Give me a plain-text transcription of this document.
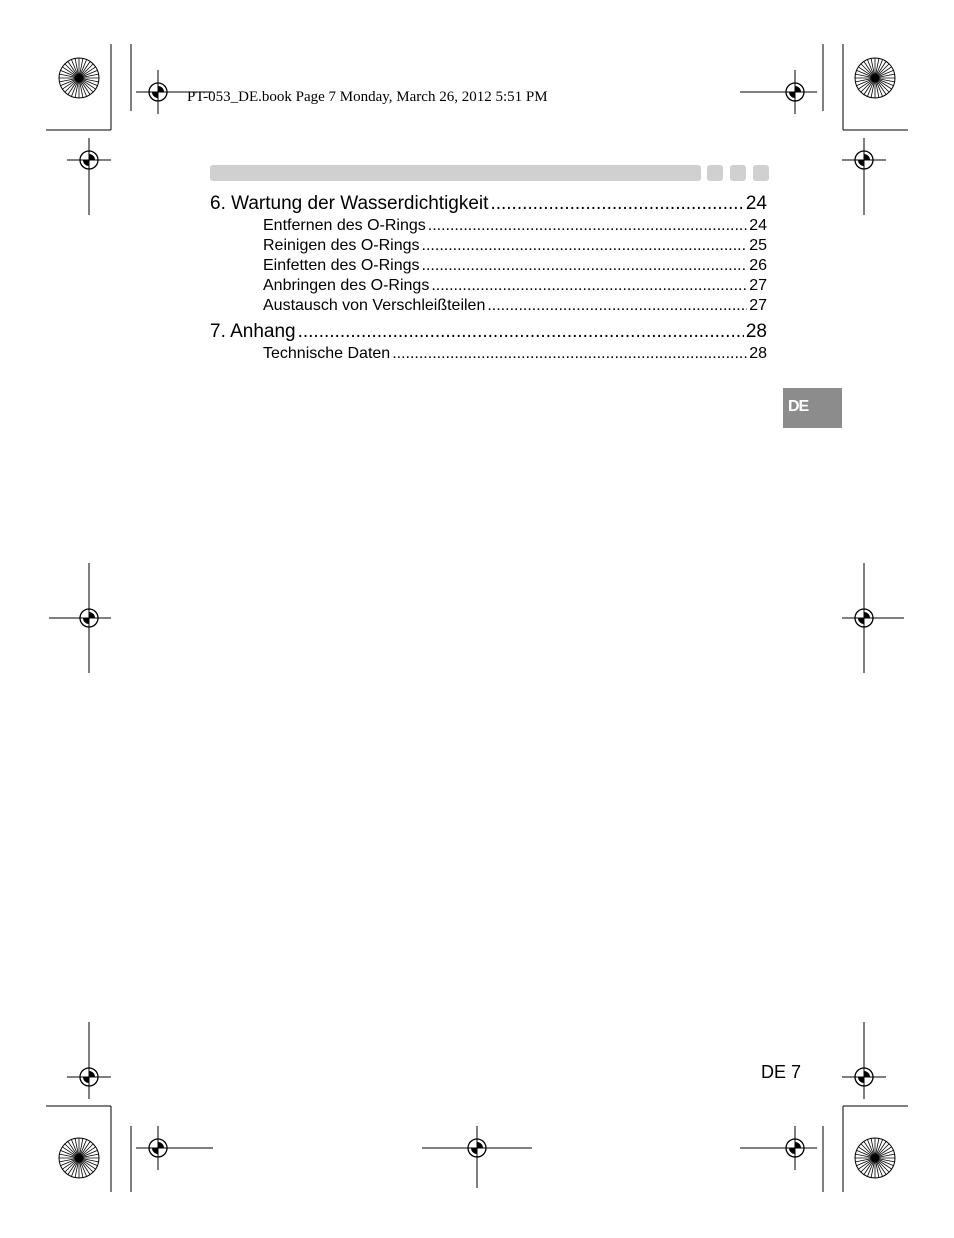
PT-053_DE.book Page 7 Monday, March 26, 2012 5:51 PM
6. Wartung der Wasserdichtigkeit .....	24
Entfernen des O-Rings .....	24
Reinigen des O-Rings .....	25
Einfetten des O-Rings .....	26
Anbringen des O-Rings .....	27
Austausch von Verschleißteilen .....	27
7. Anhang .....	28
Technische Daten .....	28
DE
DE 7
